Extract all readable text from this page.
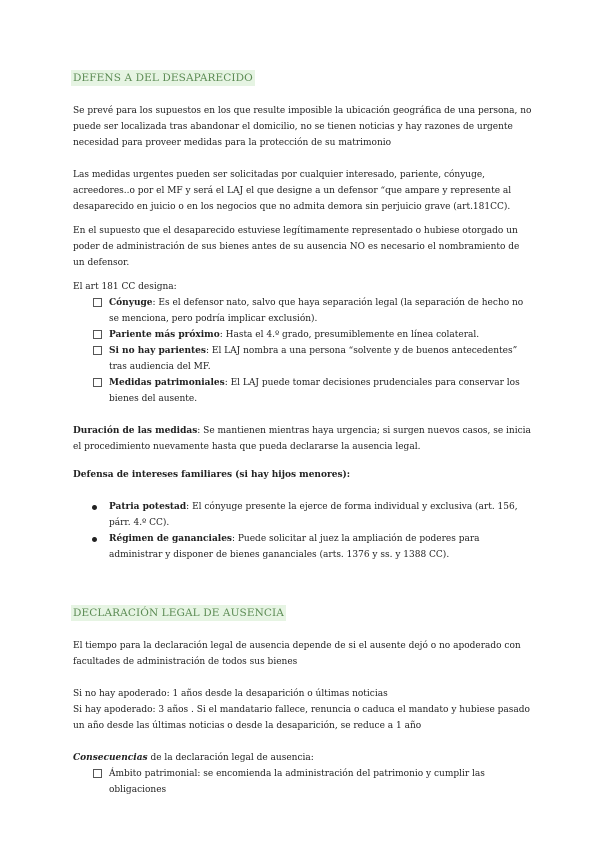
DEFENS A DEL DESAPARECIDO

Se prevé para los supuestos en los que resulte imposible la ubicación geográfica de una persona, no puede ser localizada tras abandonar el domicilio, no se tienen noticias y hay razones de urgente necesidad para proveer medidas para la protección de su matrimonio

Las medidas urgentes pueden ser solicitadas por cualquier interesado, pariente, cónyuge, acreedores..o por el MF y será el LAJ el que designe a un defensor “que ampare y represente al desaparecido en juicio o en los negocios que no admita demora sin perjuicio grave (art.181CC).

En el supuesto que el desaparecido estuviese legítimamente representado o hubiese otorgado un poder de administración de sus bienes antes de su ausencia NO es necesario el nombramiento de un defensor.

El art 181 CC designa:

Cónyuge: Es el defensor nato, salvo que haya separación legal (la separación de hecho no se menciona, pero podría implicar exclusión).
Pariente más próximo: Hasta el 4.º grado, presumiblemente en línea colateral.
Si no hay parientes: El LAJ nombra a una persona “solvente y de buenos antecedentes” tras audiencia del MF.
Medidas patrimoniales: El LAJ puede tomar decisiones prudenciales para conservar los bienes del ausente.

Duración de las medidas: Se mantienen mientras haya urgencia; si surgen nuevos casos, se inicia el procedimiento nuevamente hasta que pueda declararse la ausencia legal.

Defensa de intereses familiares (si hay hijos menores):

Patria potestad: El cónyuge presente la ejerce de forma individual y exclusiva (art. 156, párr. 4.º CC).
Régimen de gananciales: Puede solicitar al juez la ampliación de poderes para administrar y disponer de bienes gananciales (arts. 1376 y ss. y 1388 CC).
DECLARACIÓN LEGAL DE AUSENCIA

El tiempo para la declaración legal de ausencia depende de si el ausente dejó o no apoderado con facultades de administración de todos sus bienes

Si no hay apoderado: 1 años desde la desaparición o últimas noticias

Si hay apoderado: 3 años . Si el mandatario fallece, renuncia o caduca el mandato y hubiese pasado un año desde las últimas noticias o desde la desaparición, se reduce a 1 año

Consecuencias de la declaración legal de ausencia:

Ámbito patrimonial: se encomienda la administración del patrimonio y cumplir las obligaciones
